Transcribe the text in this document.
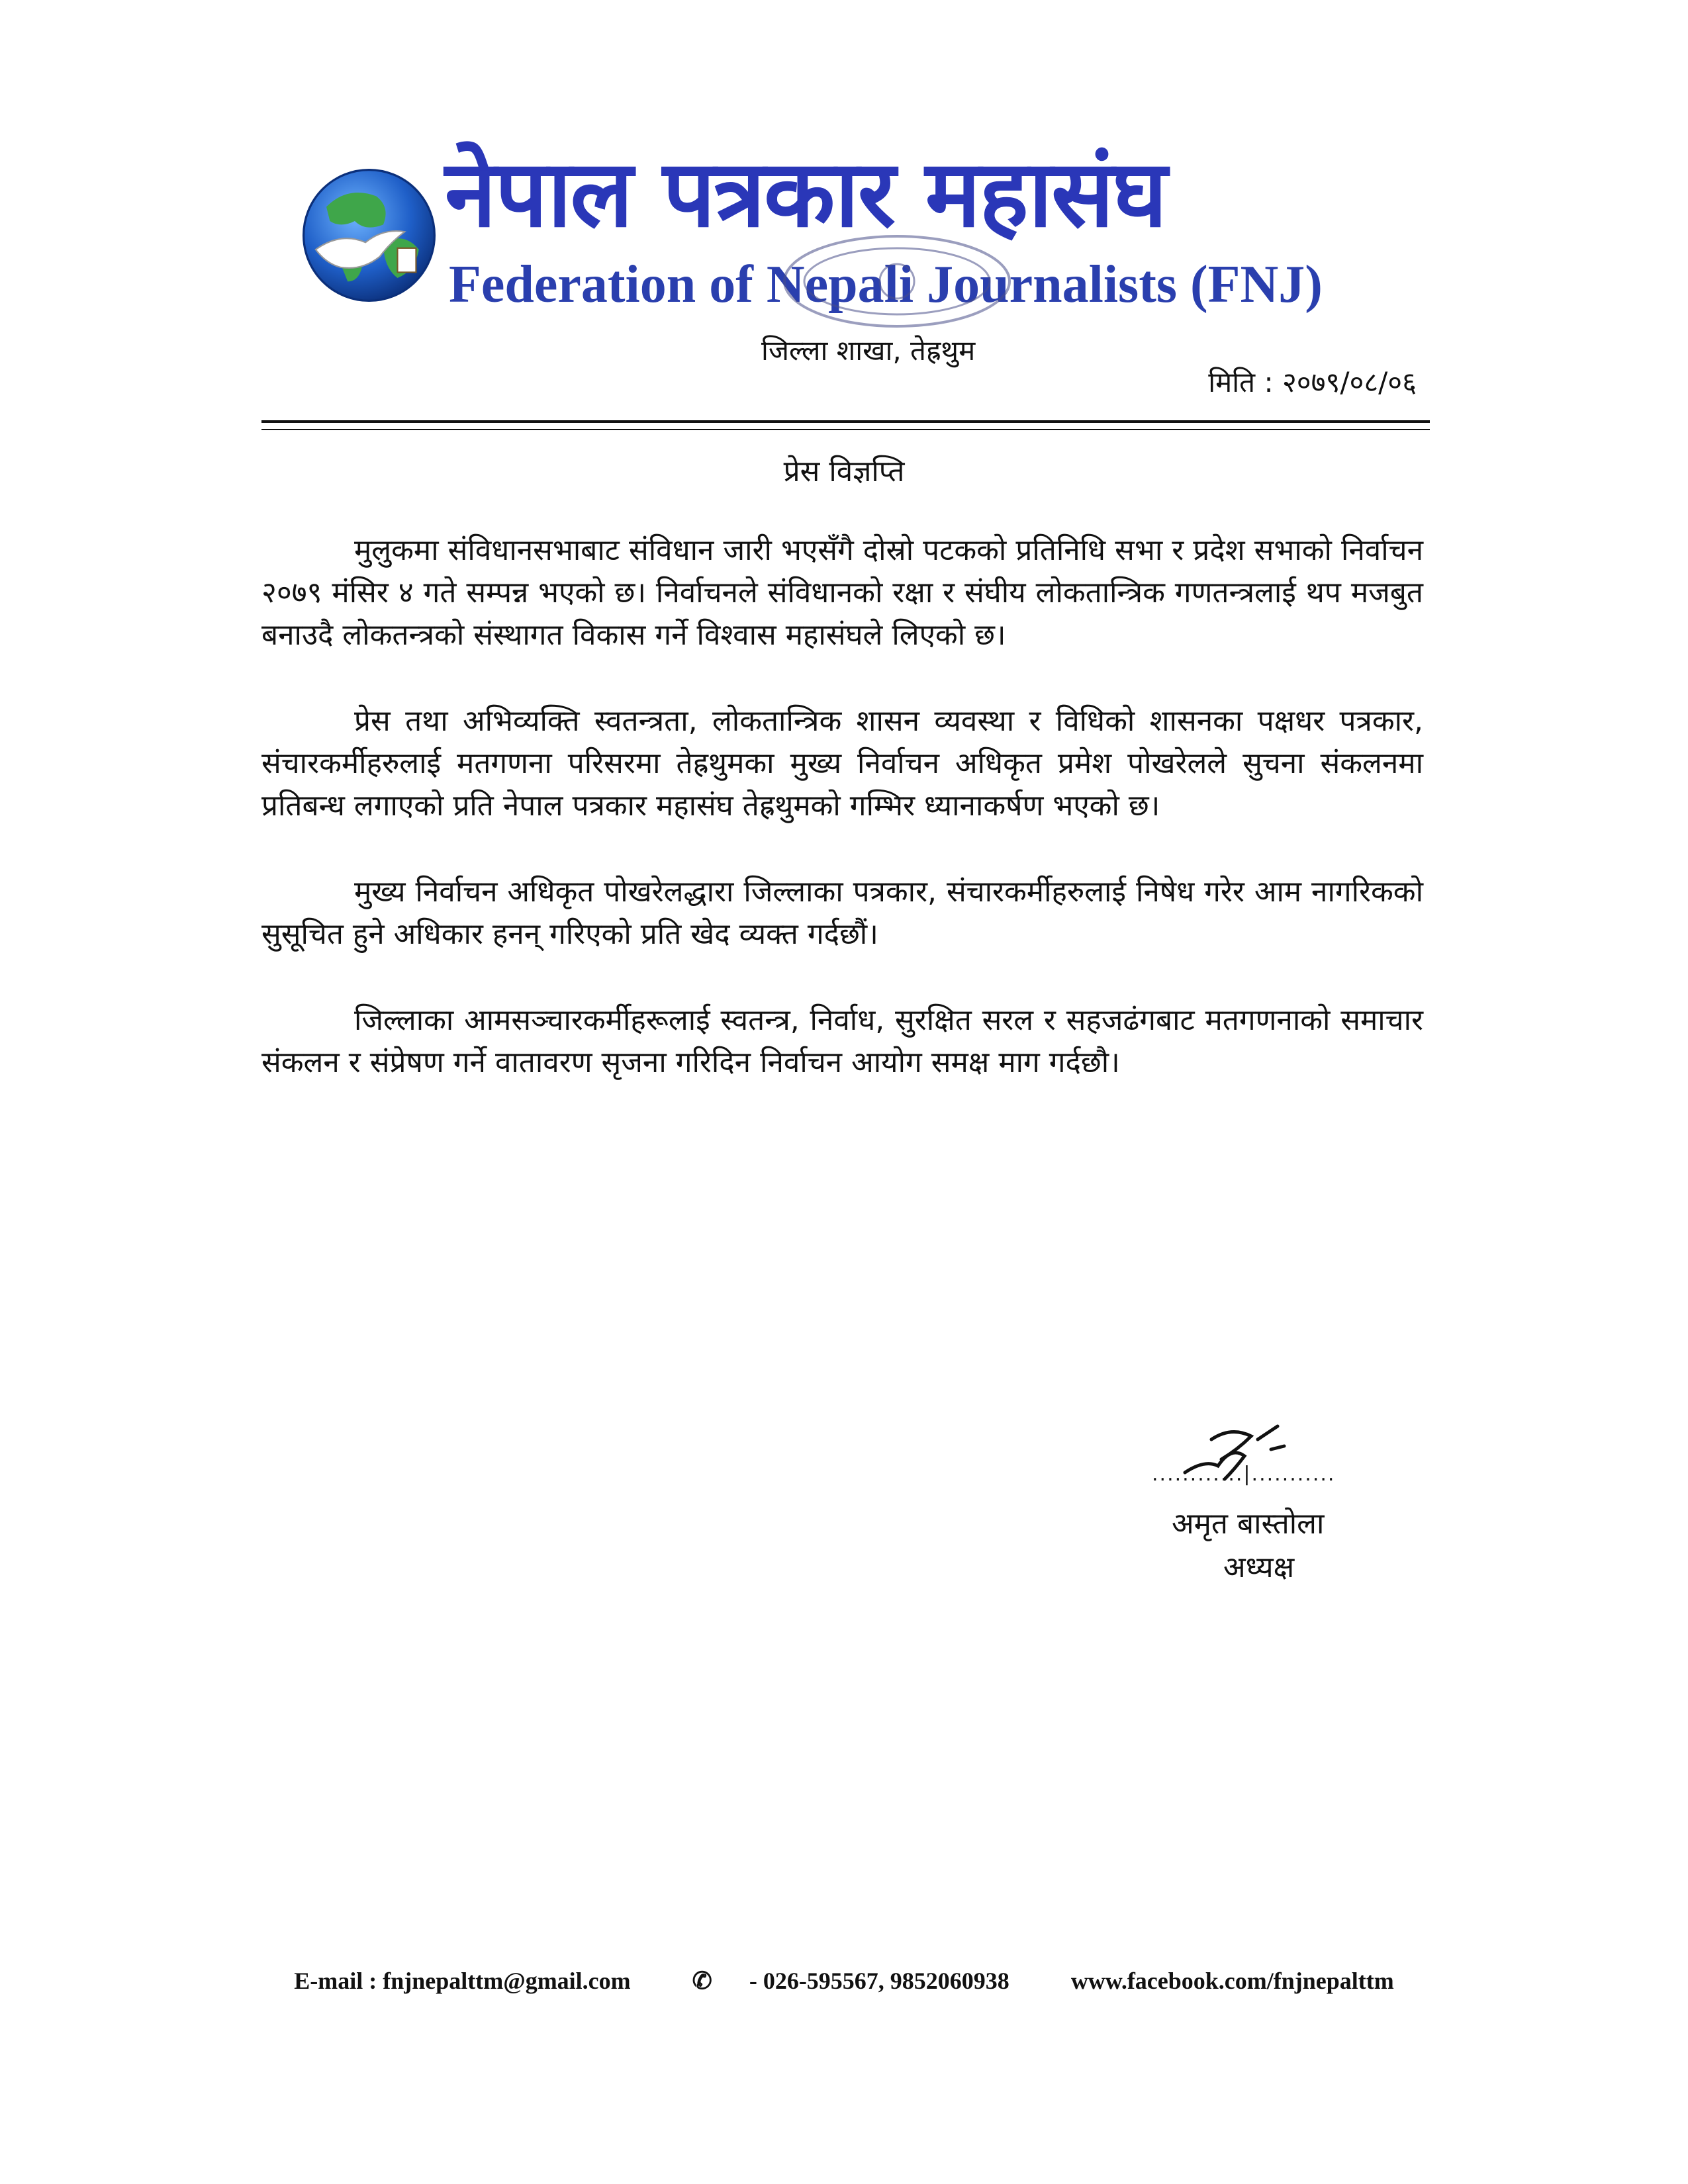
नेपाल पत्रकार महासंघ
Federation of Nepali Journalists (FNJ)
जिल्ला शाखा, तेह्रथुम
मिति : २०७९/०८/०६
प्रेस विज्ञप्ति

मुलुकमा संविधानसभाबाट संविधान जारी भएसँगै दोस्रो पटकको प्रतिनिधि सभा र प्रदेश सभाको निर्वाचन २०७९ मंसिर ४ गते सम्पन्न भएको छ। निर्वाचनले संविधानको रक्षा र संघीय लोकतान्त्रिक गणतन्त्रलाई थप मजबुत बनाउदै लोकतन्त्रको संस्थागत विकास गर्ने विश्वास महासंघले लिएको छ।

प्रेस तथा अभिव्यक्ति स्वतन्त्रता, लोकतान्त्रिक शासन व्यवस्था र विधिको शासनका पक्षधर पत्रकार, संचारकर्मीहरुलाई मतगणना परिसरमा तेह्रथुमका मुख्य निर्वाचन अधिकृत प्रमेश पोखरेलले सुचना संकलनमा प्रतिबन्ध लगाएको प्रति नेपाल पत्रकार महासंघ तेह्रथुमको गम्भिर ध्यानाकर्षण भएको छ।

मुख्य निर्वाचन अधिकृत पोखरेलद्धारा जिल्लाका पत्रकार, संचारकर्मीहरुलाई निषेध गरेर आम नागरिकको सुसूचित हुने अधिकार हनन् गरिएको प्रति खेद व्यक्त गर्दछौं।

जिल्लाका आमसञ्चारकर्मीहरूलाई स्वतन्त्र, निर्वाध, सुरक्षित सरल र सहजढंगबाट मतगणनाको समाचार संकलन र संप्रेषण गर्ने वातावरण सृजना गरिदिन निर्वाचन आयोग समक्ष माग गर्दछौ।

............|...........
अमृत बास्तोला
अध्यक्ष
E-mail : fnjnepalttm@gmail.com	✆ - 026-595567, 9852060938	www.facebook.com/fnjnepalttm
